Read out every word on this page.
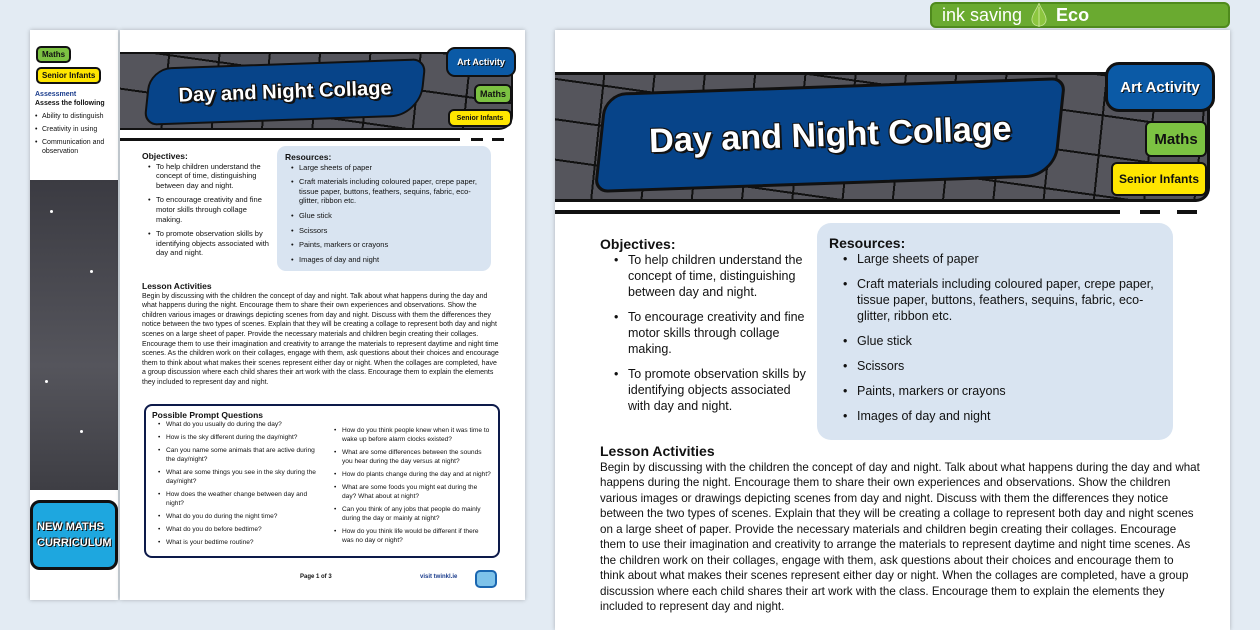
Maths
Senior Infants
Assessment
Assess the following
• Ability to distinguish
• Creativity in using
• Communication and observation
NEW MATHS
CURRICULUM
Day and Night Collage
Art Activity
Maths
Senior Infants
Objectives:
• To help children understand the concept of time, distinguishing between day and night.
• To encourage creativity and fine motor skills through collage making.
• To promote observation skills by identifying objects associated with day and night.
Resources:
• Large sheets of paper
• Craft materials including coloured paper, crepe paper, tissue paper, buttons, feathers, sequins, fabric, eco-glitter, ribbon etc.
• Glue stick
• Scissors
• Paints, markers or crayons
• Images of day and night
Lesson Activities

Begin by discussing with the children the concept of day and night. Talk about what happens during the day and what happens during the night. Encourage them to share their own experiences and observations. Show the children various images or drawings depicting scenes from day and night. Discuss with them the differences they notice between the two types of scenes. Explain that they will be creating a collage to represent both day and night scenes on a large sheet of paper. Provide the necessary materials and children begin creating their collages. Encourage them to use their imagination and creativity to arrange the materials to represent daytime and night time scenes. As the children work on their collages, engage with them, ask questions about their choices and encourage them to think about what makes their scenes represent either day or night. When the collages are completed, have a group discussion where each child shares their art work with the class. Encourage them to explain the elements they included to represent day and night.

Possible Prompt Questions
• What do you usually do during the day?
• How is the sky different during the day/night?
• Can you name some animals that are active during the day/night?
• What are some things you see in the sky during the day/night?
• How does the weather change between day and night?
• What do you do during the night time?
• What do you do before bedtime?
• What is your bedtime routine?
• How do you think people knew when it was time to wake up before alarm clocks existed?
• What are some differences between the sounds you hear during the day versus at night?
• How do plants change during the day and at night?
• What are some foods you might eat during the day? What about at night?
• Can you think of any jobs that people do mainly during the day or mainly at night?
• How do you think life would be different if there was no day or night?
Page 1 of 3	visit twinkl.ie
Day and Night Collage
Art Activity
Maths
Senior Infants
Objectives:
• To help children understand the concept of time, distinguishing between day and night.
• To encourage creativity and fine motor skills through collage making.
• To promote observation skills by identifying objects associated with day and night.
Resources:
• Large sheets of paper
• Craft materials including coloured paper, crepe paper, tissue paper, buttons, feathers, sequins, fabric, eco-glitter, ribbon etc.
• Glue stick
• Scissors
• Paints, markers or crayons
• Images of day and night
Lesson Activities

Begin by discussing with the children the concept of day and night. Talk about what happens during the day and what happens during the night. Encourage them to share their own experiences and observations. Show the children various images or drawings depicting scenes from day and night. Discuss with them the differences they notice between the two types of scenes. Explain that they will be creating a collage to represent both day and night scenes on a large sheet of paper. Provide the necessary materials and children begin creating their collages. Encourage them to use their imagination and creativity to arrange the materials to represent daytime and night time scenes. As the children work on their collages, engage with them, ask questions about their choices and encourage them to think about what makes their scenes represent either day or night. When the collages are completed, have a group discussion where each child shares their art work with the class. Encourage them to explain the elements they included to represent day and night.

ink saving Eco
